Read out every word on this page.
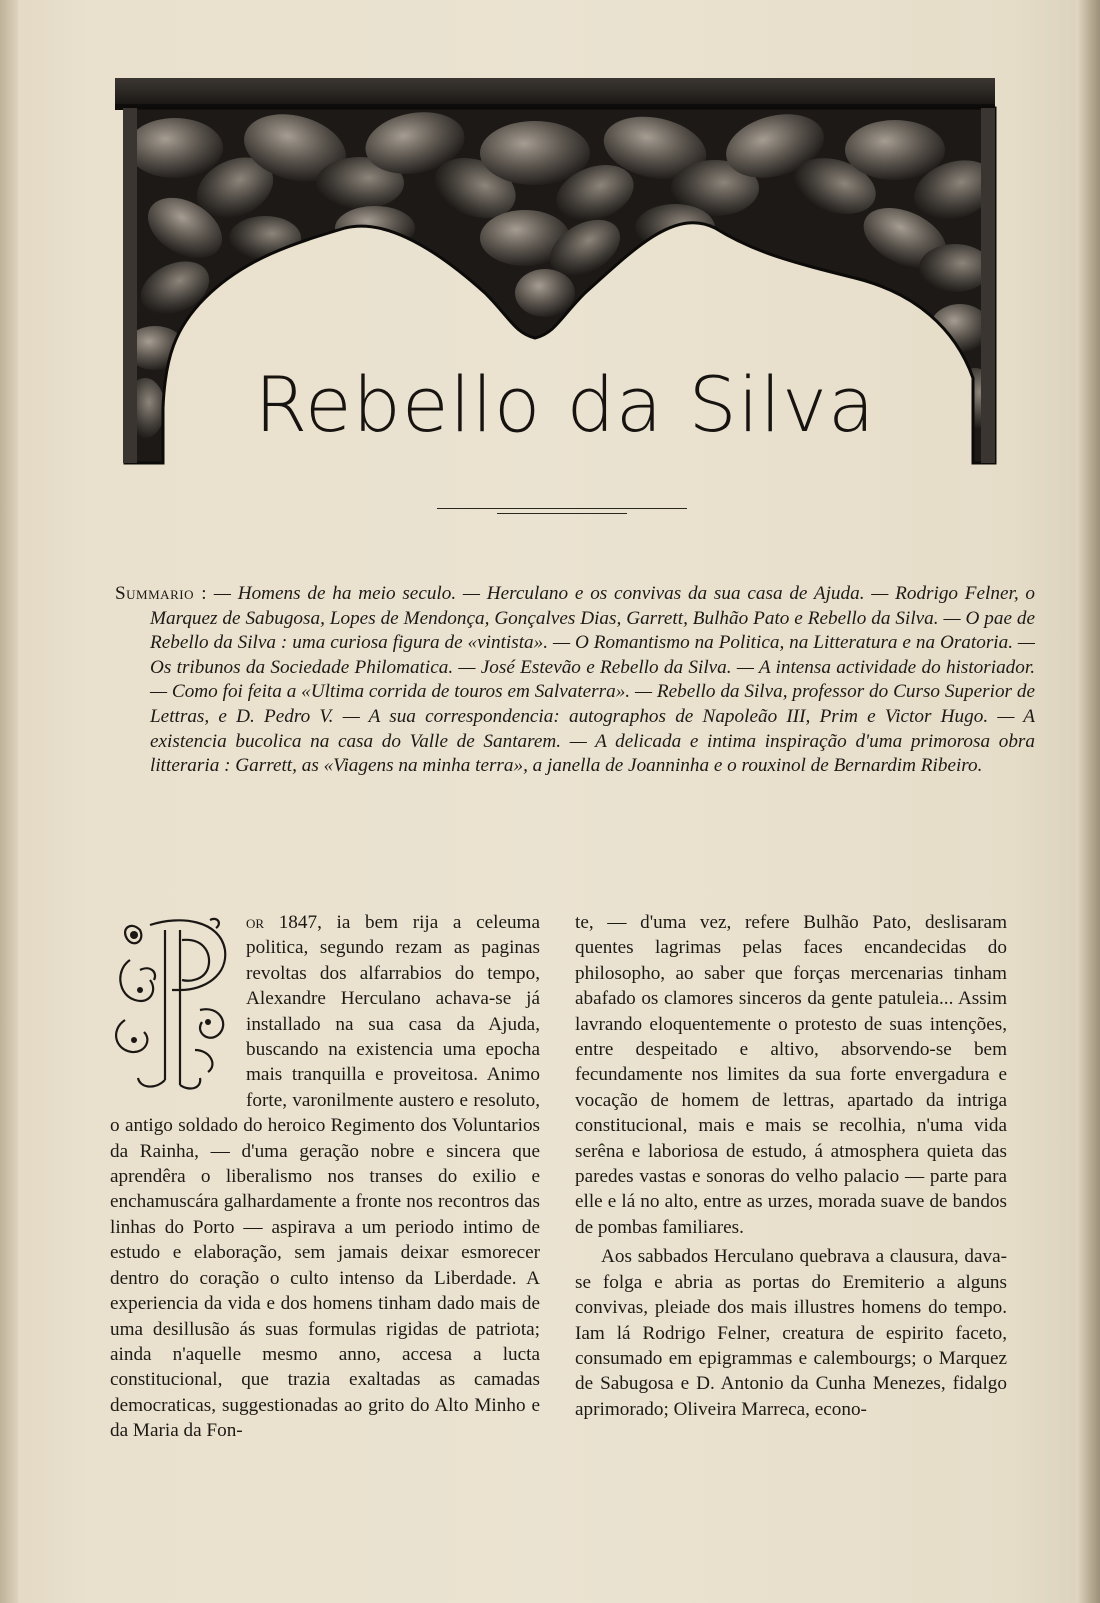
Rebello da Silva

Summario : — Homens de ha meio seculo. — Herculano e os convivas da sua casa de Ajuda. — Rodrigo Felner, o Marquez de Sabugosa, Lopes de Mendonça, Gonçalves Dias, Garrett, Bulhão Pato e Rebello da Silva. — O pae de Rebello da Silva : uma curiosa figura de «vintista». — O Romantismo na Politica, na Litteratura e na Oratoria. — Os tribunos da Sociedade Philomatica. — José Estevão e Rebello da Silva. — A intensa actividade do historiador. — Como foi feita a «Ultima corrida de touros em Salvaterra». — Rebello da Silva, professor do Curso Superior de Lettras, e D. Pedro V. — A sua correspondencia: autographos de Napoleão III, Prim e Victor Hugo. — A existencia bucolica na casa do Valle de Santarem. — A delicada e intima inspiração d'uma primorosa obra litteraria : Garrett, as «Viagens na minha terra», a janella de Joanninha e o rouxinol de Bernardim Ribeiro.

or 1847, ia bem rija a celeuma politica, segundo rezam as paginas revoltas dos alfarrabios do tempo, Alexandre Herculano achava-se já installado na sua casa da Ajuda, buscando na existencia uma epocha mais tranquilla e proveitosa. Animo forte, varonilmente austero e resoluto, o antigo soldado do heroico Regimento dos Voluntarios da Rainha, — d'uma geração nobre e sincera que aprendêra o liberalismo nos transes do exilio e enchamuscára galhardamente a fronte nos recontros das linhas do Porto — aspirava a um periodo intimo de estudo e elaboração, sem jamais deixar esmorecer dentro do coração o culto intenso da Liberdade. A experiencia da vida e dos homens tinham dado mais de uma desillusão ás suas formulas rigidas de patriota; ainda n'aquelle mesmo anno, accesa a lucta constitucional, que trazia exaltadas as camadas democraticas, suggestionadas ao grito do Alto Minho e da Maria da Fon-

te, — d'uma vez, refere Bulhão Pato, deslisaram quentes lagrimas pelas faces encandecidas do philosopho, ao saber que forças mercenarias tinham abafado os clamores sinceros da gente patuleia... Assim lavrando eloquentemente o protesto de suas intenções, entre despeitado e altivo, absorvendo-se bem fecundamente nos limites da sua forte envergadura e vocação de homem de lettras, apartado da intriga constitucional, mais e mais se recolhia, n'uma vida serêna e laboriosa de estudo, á atmosphera quieta das paredes vastas e sonoras do velho palacio — parte para elle e lá no alto, entre as urzes, morada suave de bandos de pombas familiares.

Aos sabbados Herculano quebrava a clausura, dava-se folga e abria as portas do Eremiterio a alguns convivas, pleiade dos mais illustres homens do tempo. Iam lá Rodrigo Felner, creatura de espirito faceto, consumado em epigrammas e calembourgs; o Marquez de Sabugosa e D. Antonio da Cunha Menezes, fidalgo aprimorado; Oliveira Marreca, econo-
